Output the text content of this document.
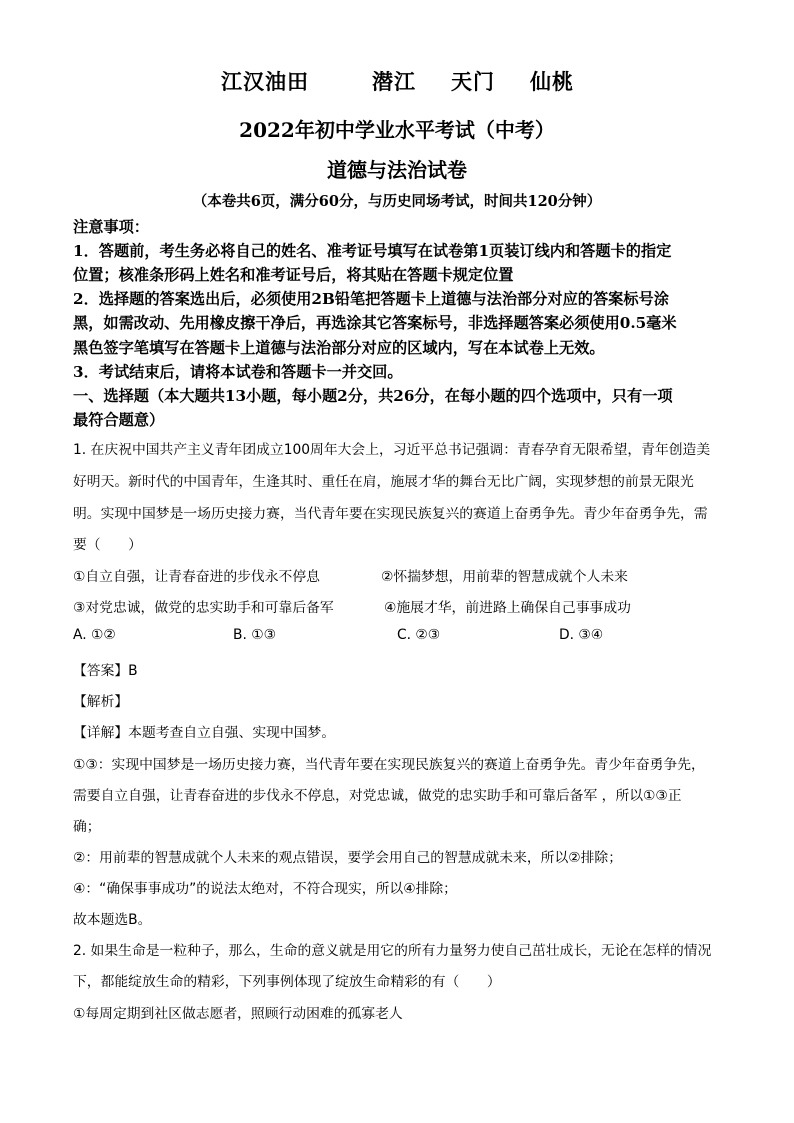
江汉油田	潜江 天门 仙桃
2022年初中学业水平考试（中考）
道德与法治试卷
（本卷共6页，满分60分，与历史同场考试，时间共120分钟）
注意事项：
1．答题前，考生务必将自己的姓名、准考证号填写在试卷第1页装订线内和答题卡的指定
位置；核准条形码上姓名和准考证号后，将其贴在答题卡规定位置
2．选择题的答案选出后，必须使用2B铅笔把答题卡上道德与法治部分对应的答案标号涂
黑，如需改动、先用橡皮擦干净后，再选涂其它答案标号，非选择题答案必须使用0.5毫米
黑色签字笔填写在答题卡上道德与法治部分对应的区域内，写在本试卷上无效。
3．考试结束后，请将本试卷和答题卡一并交回。
一、选择题（本大题共13小题，每小题2分，共26分，在每小题的四个选项中，只有一项
最符合题意）
1. 在庆祝中国共产主义青年团成立100周年大会上，习近平总书记强调：青春孕育无限希望，青年创造美
好明天。新时代的中国青年，生逢其时、重任在肩，施展才华的舞台无比广阔，实现梦想的前景无限光
明。实现中国梦是一场历史接力赛，当代青年要在实现民族复兴的赛道上奋勇争先。青少年奋勇争先，需
要（　　）
①自立自强，让青春奋进的步伐永不停息	②怀揣梦想，用前辈的智慧成就个人未来
③对党忠诚，做党的忠实助手和可靠后备军	④施展才华，前进路上确保自己事事成功
A. ①②	B. ①③	C. ②③	D. ③④
【答案】B
【解析】
【详解】本题考查自立自强、实现中国梦。
①③：实现中国梦是一场历史接力赛，当代青年要在实现民族复兴的赛道上奋勇争先。青少年奋勇争先，
需要自立自强，让青春奋进的步伐永不停息，对党忠诚，做党的忠实助手和可靠后备军 ，所以①③正
确；
②：用前辈的智慧成就个人未来的观点错误，要学会用自己的智慧成就未来，所以②排除；
④：“确保事事成功”的说法太绝对，不符合现实，所以④排除；
故本题选B。
2. 如果生命是一粒种子，那么，生命的意义就是用它的所有力量努力使自己茁壮成长，无论在怎样的情况
下，都能绽放生命的精彩，下列事例体现了绽放生命精彩的有（　　）
①每周定期到社区做志愿者，照顾行动困难的孤寡老人
